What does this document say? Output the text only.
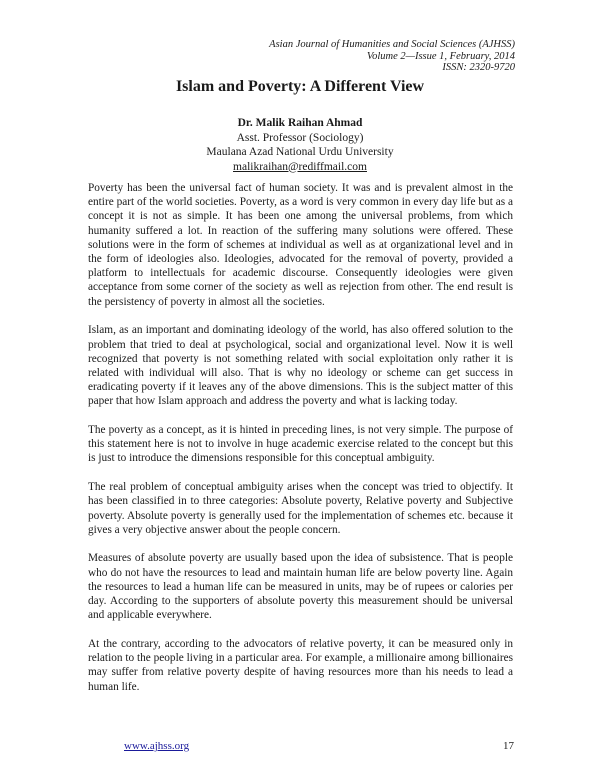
Asian Journal of Humanities and Social Sciences (AJHSS)
Volume 2—Issue 1, February, 2014
ISSN: 2320-9720
Islam and Poverty: A Different View
Dr. Malik Raihan Ahmad
Asst. Professor (Sociology)
Maulana Azad National Urdu University
malikraihan@rediffmail.com

Poverty has been the universal fact of human society. It was and is prevalent almost in the entire part of the world societies. Poverty, as a word is very common in every day life but as a concept it is not as simple. It has been one among the universal problems, from which humanity suffered a lot. In reaction of the suffering many solutions were offered. These solutions were in the form of schemes at individual as well as at organizational level and in the form of ideologies also. Ideologies, advocated for the removal of poverty, provided a platform to intellectuals for academic discourse. Consequently ideologies were given acceptance from some corner of the society as well as rejection from other. The end result is the persistency of poverty in almost all the societies.

Islam, as an important and dominating ideology of the world, has also offered solution to the problem that tried to deal at psychological, social and organizational level. Now it is well recognized that poverty is not something related with social exploitation only rather it is related with individual will also. That is why no ideology or scheme can get success in eradicating poverty if it leaves any of the above dimensions. This is the subject matter of this paper that how Islam approach and address the poverty and what is lacking today.

The poverty as a concept, as it is hinted in preceding lines, is not very simple. The purpose of this statement here is not to involve in huge academic exercise related to the concept but this is just to introduce the dimensions responsible for this conceptual ambiguity.

The real problem of conceptual ambiguity arises when the concept was tried to objectify. It has been classified in to three categories: Absolute poverty, Relative poverty and Subjective poverty. Absolute poverty is generally used for the implementation of schemes etc. because it gives a very objective answer about the people concern.

Measures of absolute poverty are usually based upon the idea of subsistence. That is people who do not have the resources to lead and maintain human life are below poverty line. Again the resources to lead a human life can be measured in units, may be of rupees or calories per day. According to the supporters of absolute poverty this measurement should be universal and applicable everywhere.

At the contrary, according to the advocators of relative poverty, it can be measured only in relation to the people living in a particular area. For example, a millionaire among billionaires may suffer from relative poverty despite of having resources more than his needs to lead a human life.

www.ajhss.org	17
